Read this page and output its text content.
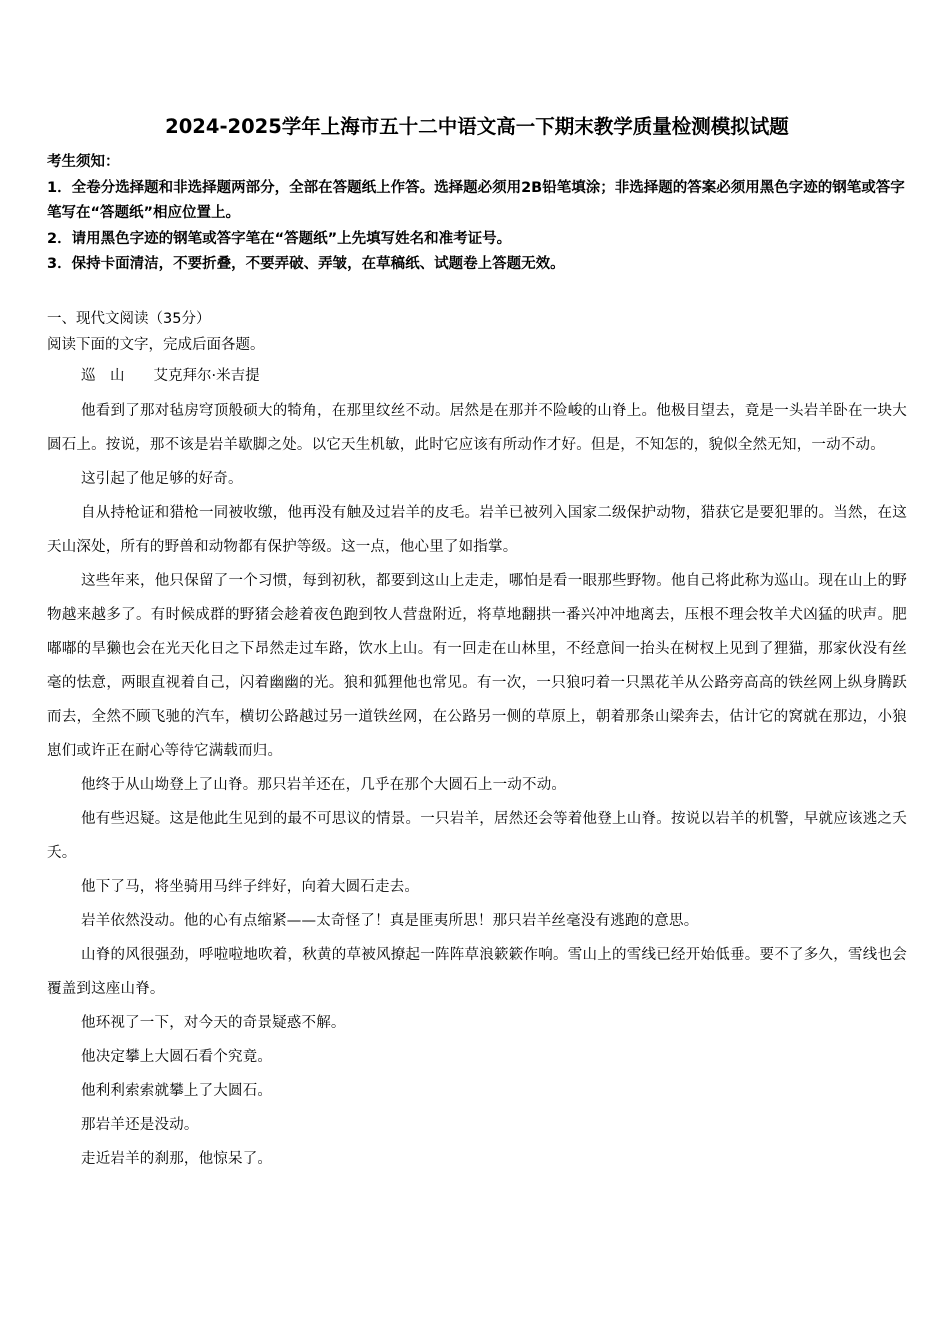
2024-2025学年上海市五十二中语文高一下期末教学质量检测模拟试题

考生须知：

1．全卷分选择题和非选择题两部分，全部在答题纸上作答。选择题必须用2B铅笔填涂；非选择题的答案必须用黑色字迹的钢笔或答字笔写在“答题纸”相应位置上。

2．请用黑色字迹的钢笔或答字笔在“答题纸”上先填写姓名和准考证号。

3．保持卡面清洁，不要折叠，不要弄破、弄皱，在草稿纸、试题卷上答题无效。

一、现代文阅读（35分）

阅读下面的文字，完成后面各题。

巡　山　　艾克拜尔·米吉提

他看到了那对毡房穹顶般硕大的犄角，在那里纹丝不动。居然是在那并不险峻的山脊上。他极目望去，竟是一头岩羊卧在一块大圆石上。按说，那不该是岩羊歇脚之处。以它天生机敏，此时它应该有所动作才好。但是，不知怎的，貌似全然无知，一动不动。

这引起了他足够的好奇。

自从持枪证和猎枪一同被收缴，他再没有触及过岩羊的皮毛。岩羊已被列入国家二级保护动物，猎获它是要犯罪的。当然，在这天山深处，所有的野兽和动物都有保护等级。这一点，他心里了如指掌。

这些年来，他只保留了一个习惯，每到初秋，都要到这山上走走，哪怕是看一眼那些野物。他自己将此称为巡山。现在山上的野物越来越多了。有时候成群的野猪会趁着夜色跑到牧人营盘附近，将草地翻拱一番兴冲冲地离去，压根不理会牧羊犬凶猛的吠声。肥嘟嘟的旱獭也会在光天化日之下昂然走过车路，饮水上山。有一回走在山林里，不经意间一抬头在树杈上见到了狸猫，那家伙没有丝毫的怯意，两眼直视着自己，闪着幽幽的光。狼和狐狸他也常见。有一次，一只狼叼着一只黑花羊从公路旁高高的铁丝网上纵身腾跃而去，全然不顾飞驰的汽车，横切公路越过另一道铁丝网，在公路另一侧的草原上，朝着那条山梁奔去，估计它的窝就在那边，小狼崽们或许正在耐心等待它满载而归。

他终于从山坳登上了山脊。那只岩羊还在，几乎在那个大圆石上一动不动。

他有些迟疑。这是他此生见到的最不可思议的情景。一只岩羊，居然还会等着他登上山脊。按说以岩羊的机警，早就应该逃之夭夭。

他下了马，将坐骑用马绊子绊好，向着大圆石走去。

岩羊依然没动。他的心有点缩紧——太奇怪了！真是匪夷所思！那只岩羊丝毫没有逃跑的意思。

山脊的风很强劲，呼啦啦地吹着，秋黄的草被风撩起一阵阵草浪簌簌作响。雪山上的雪线已经开始低垂。要不了多久，雪线也会覆盖到这座山脊。

他环视了一下，对今天的奇景疑惑不解。

他决定攀上大圆石看个究竟。

他利利索索就攀上了大圆石。

那岩羊还是没动。

走近岩羊的刹那，他惊呆了。
